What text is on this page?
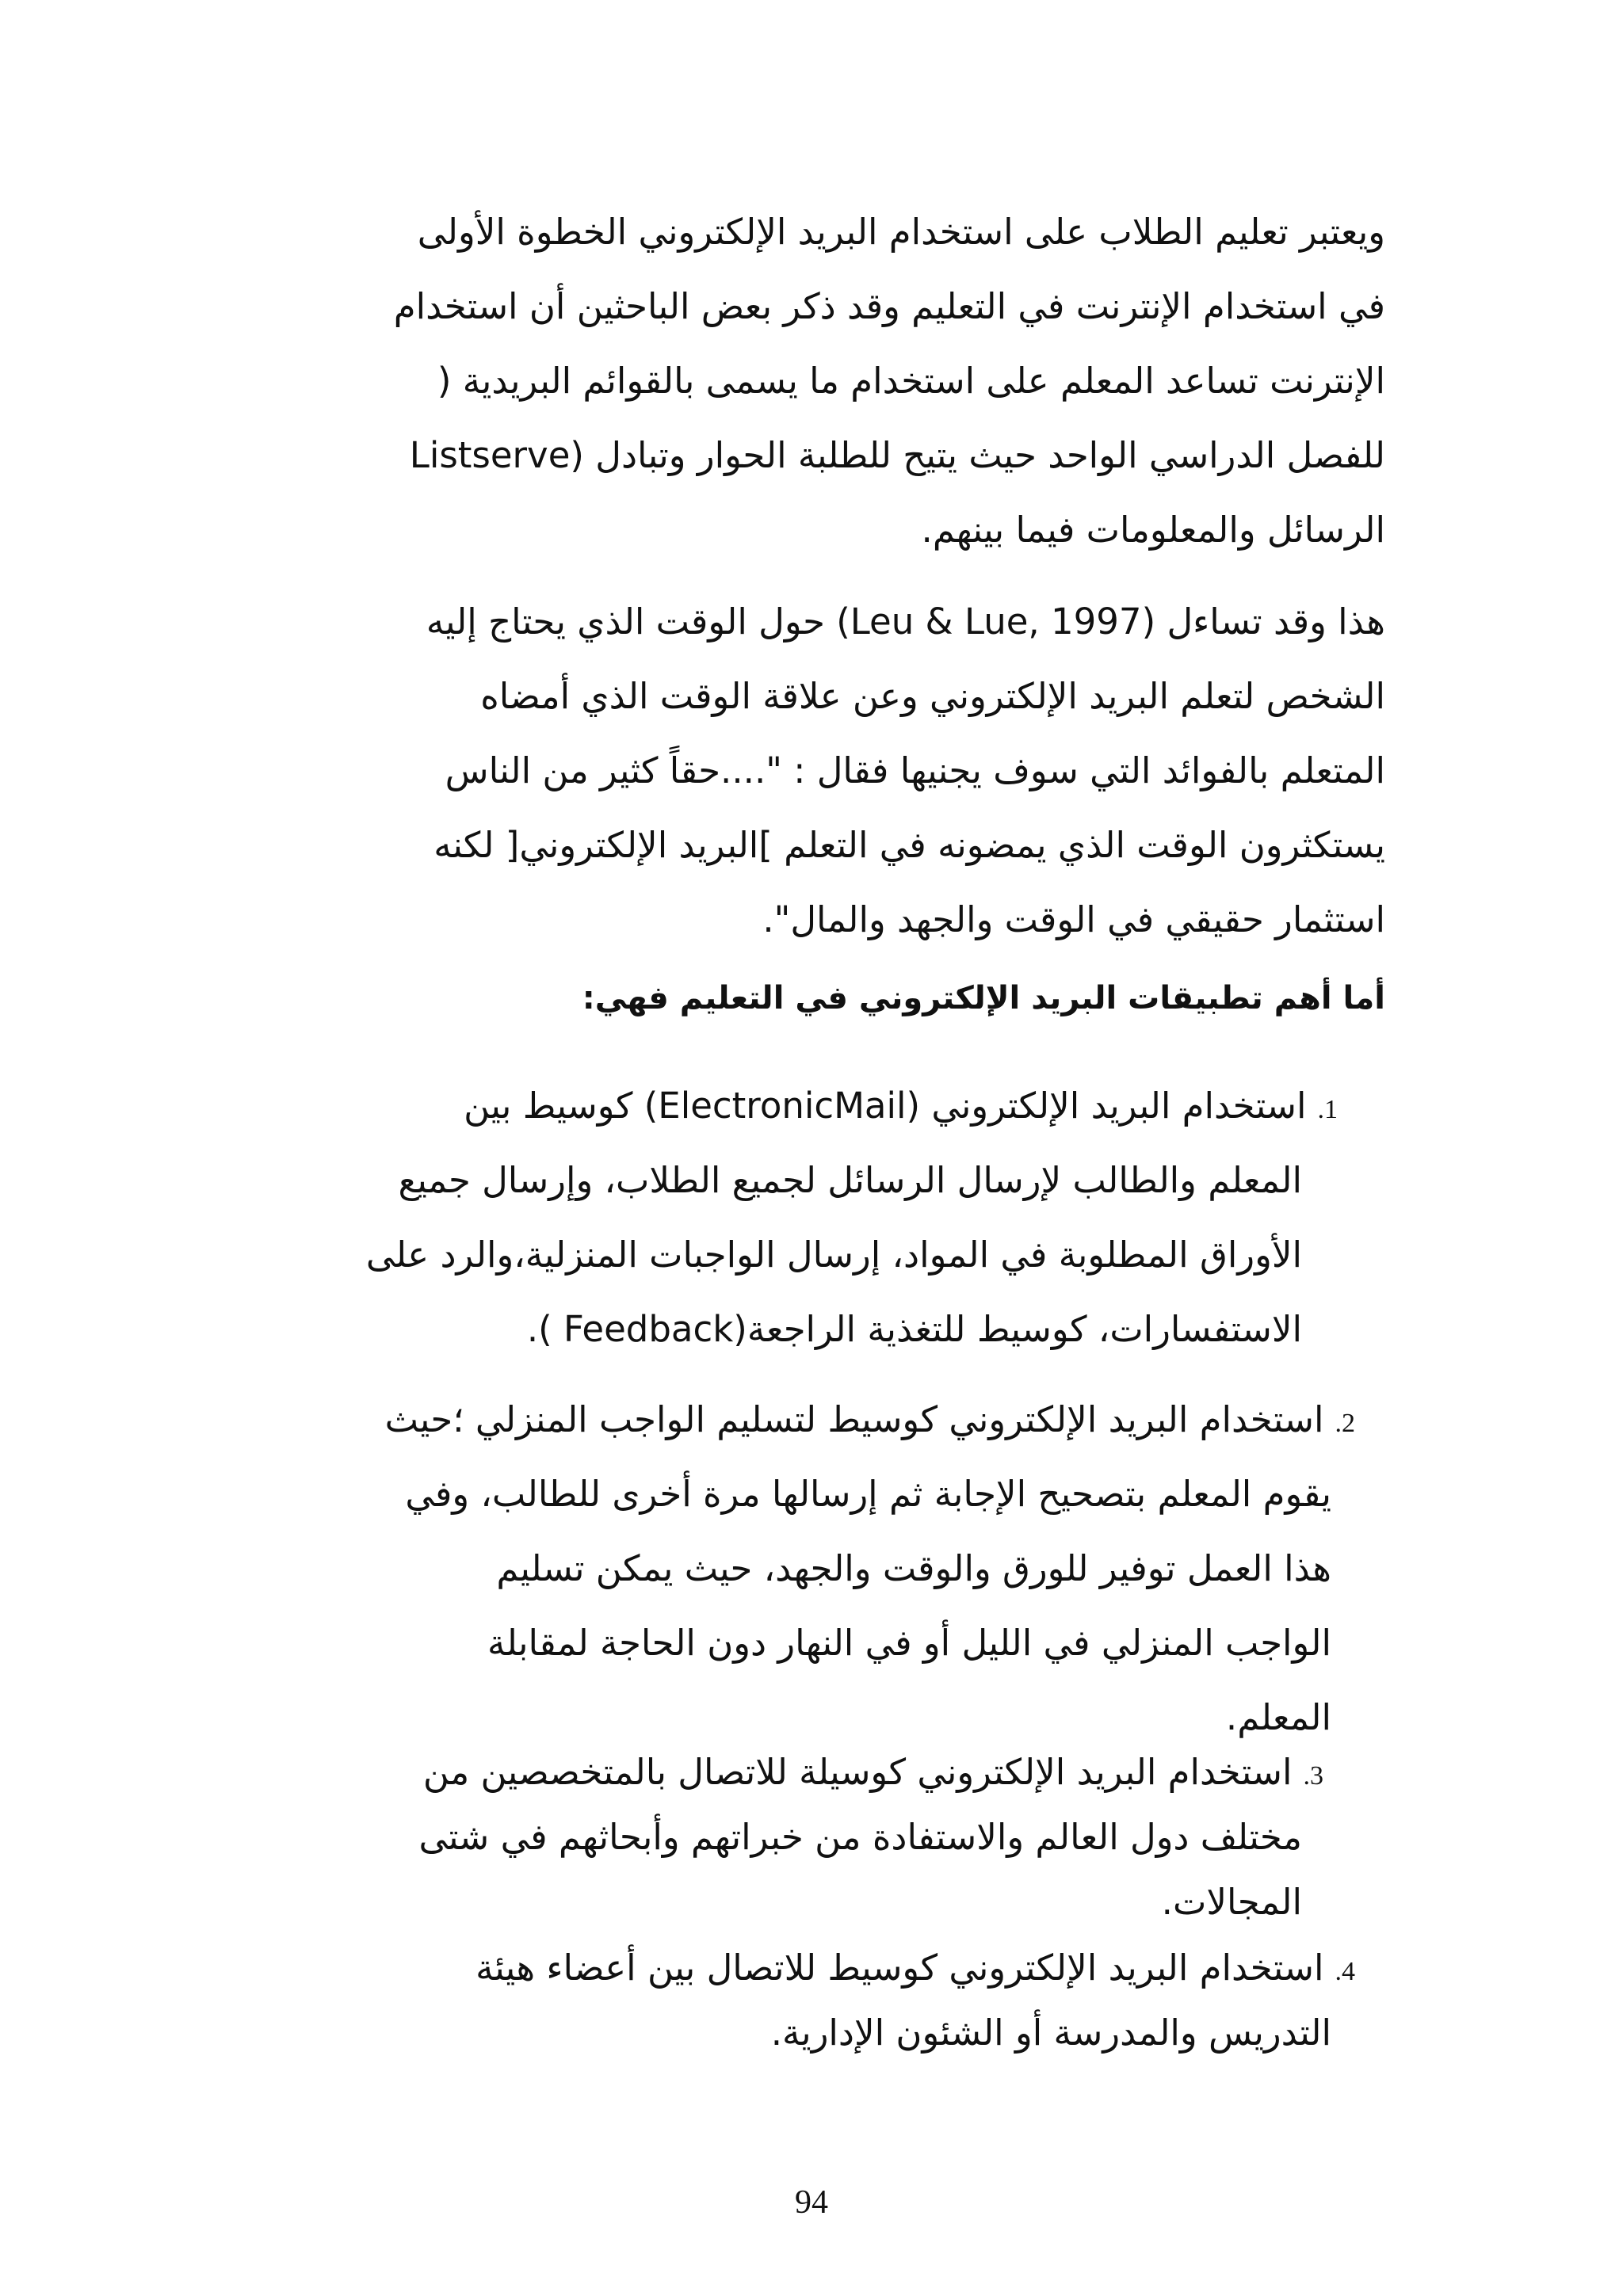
ويعتبر تعليم الطلاب على استخدام البريد الإلكتروني الخطوة الأولى

في استخدام الإنترنت في التعليم وقد ذكر بعض الباحثين أن استخدام

الإنترنت تساعد المعلم على استخدام ما يسمى بالقوائم البريدية (

Listserve) للفصل الدراسي الواحد حيث يتيح للطلبة الحوار وتبادل

الرسائل والمعلومات فيما بينهم.

هذا وقد تساءل (Leu & Lue, 1997) حول الوقت الذي يحتاج إليه

الشخص لتعلم البريد الإلكتروني وعن علاقة الوقت الذي أمضاه

المتعلم بالفوائد التي سوف يجنيها فقال : "....حقاً كثير من الناس

يستكثرون الوقت الذي يمضونه في التعلم ]البريد الإلكتروني[ لكنه

استثمار حقيقي في الوقت والجهد والمال".

أما أهم تطبيقات البريد الإلكتروني في التعليم فهي:

1.استخدام البريد الإلكتروني (ElectronicMail) كوسيط بين

المعلم والطالب لإرسال الرسائل لجميع الطلاب، وإرسال جميع

الأوراق المطلوبة في المواد، إرسال الواجبات المنزلية،والرد على

الاستفسارات، كوسيط للتغذية الراجعة(Feedback ).

2.استخدام البريد الإلكتروني كوسيط لتسليم الواجب المنزلي ؛حيث

يقوم المعلم بتصحيح الإجابة ثم إرسالها مرة أخرى للطالب، وفي

هذا العمل توفير للورق والوقت والجهد، حيث يمكن تسليم

الواجب المنزلي في الليل أو في النهار دون الحاجة لمقابلة

المعلم.

3.استخدام البريد الإلكتروني كوسيلة للاتصال بالمتخصصين من

مختلف دول العالم والاستفادة من خبراتهم وأبحاثهم في شتى

المجالات.

4.استخدام البريد الإلكتروني كوسيط للاتصال بين أعضاء هيئة

التدريس والمدرسة أو الشئون الإدارية.

94
